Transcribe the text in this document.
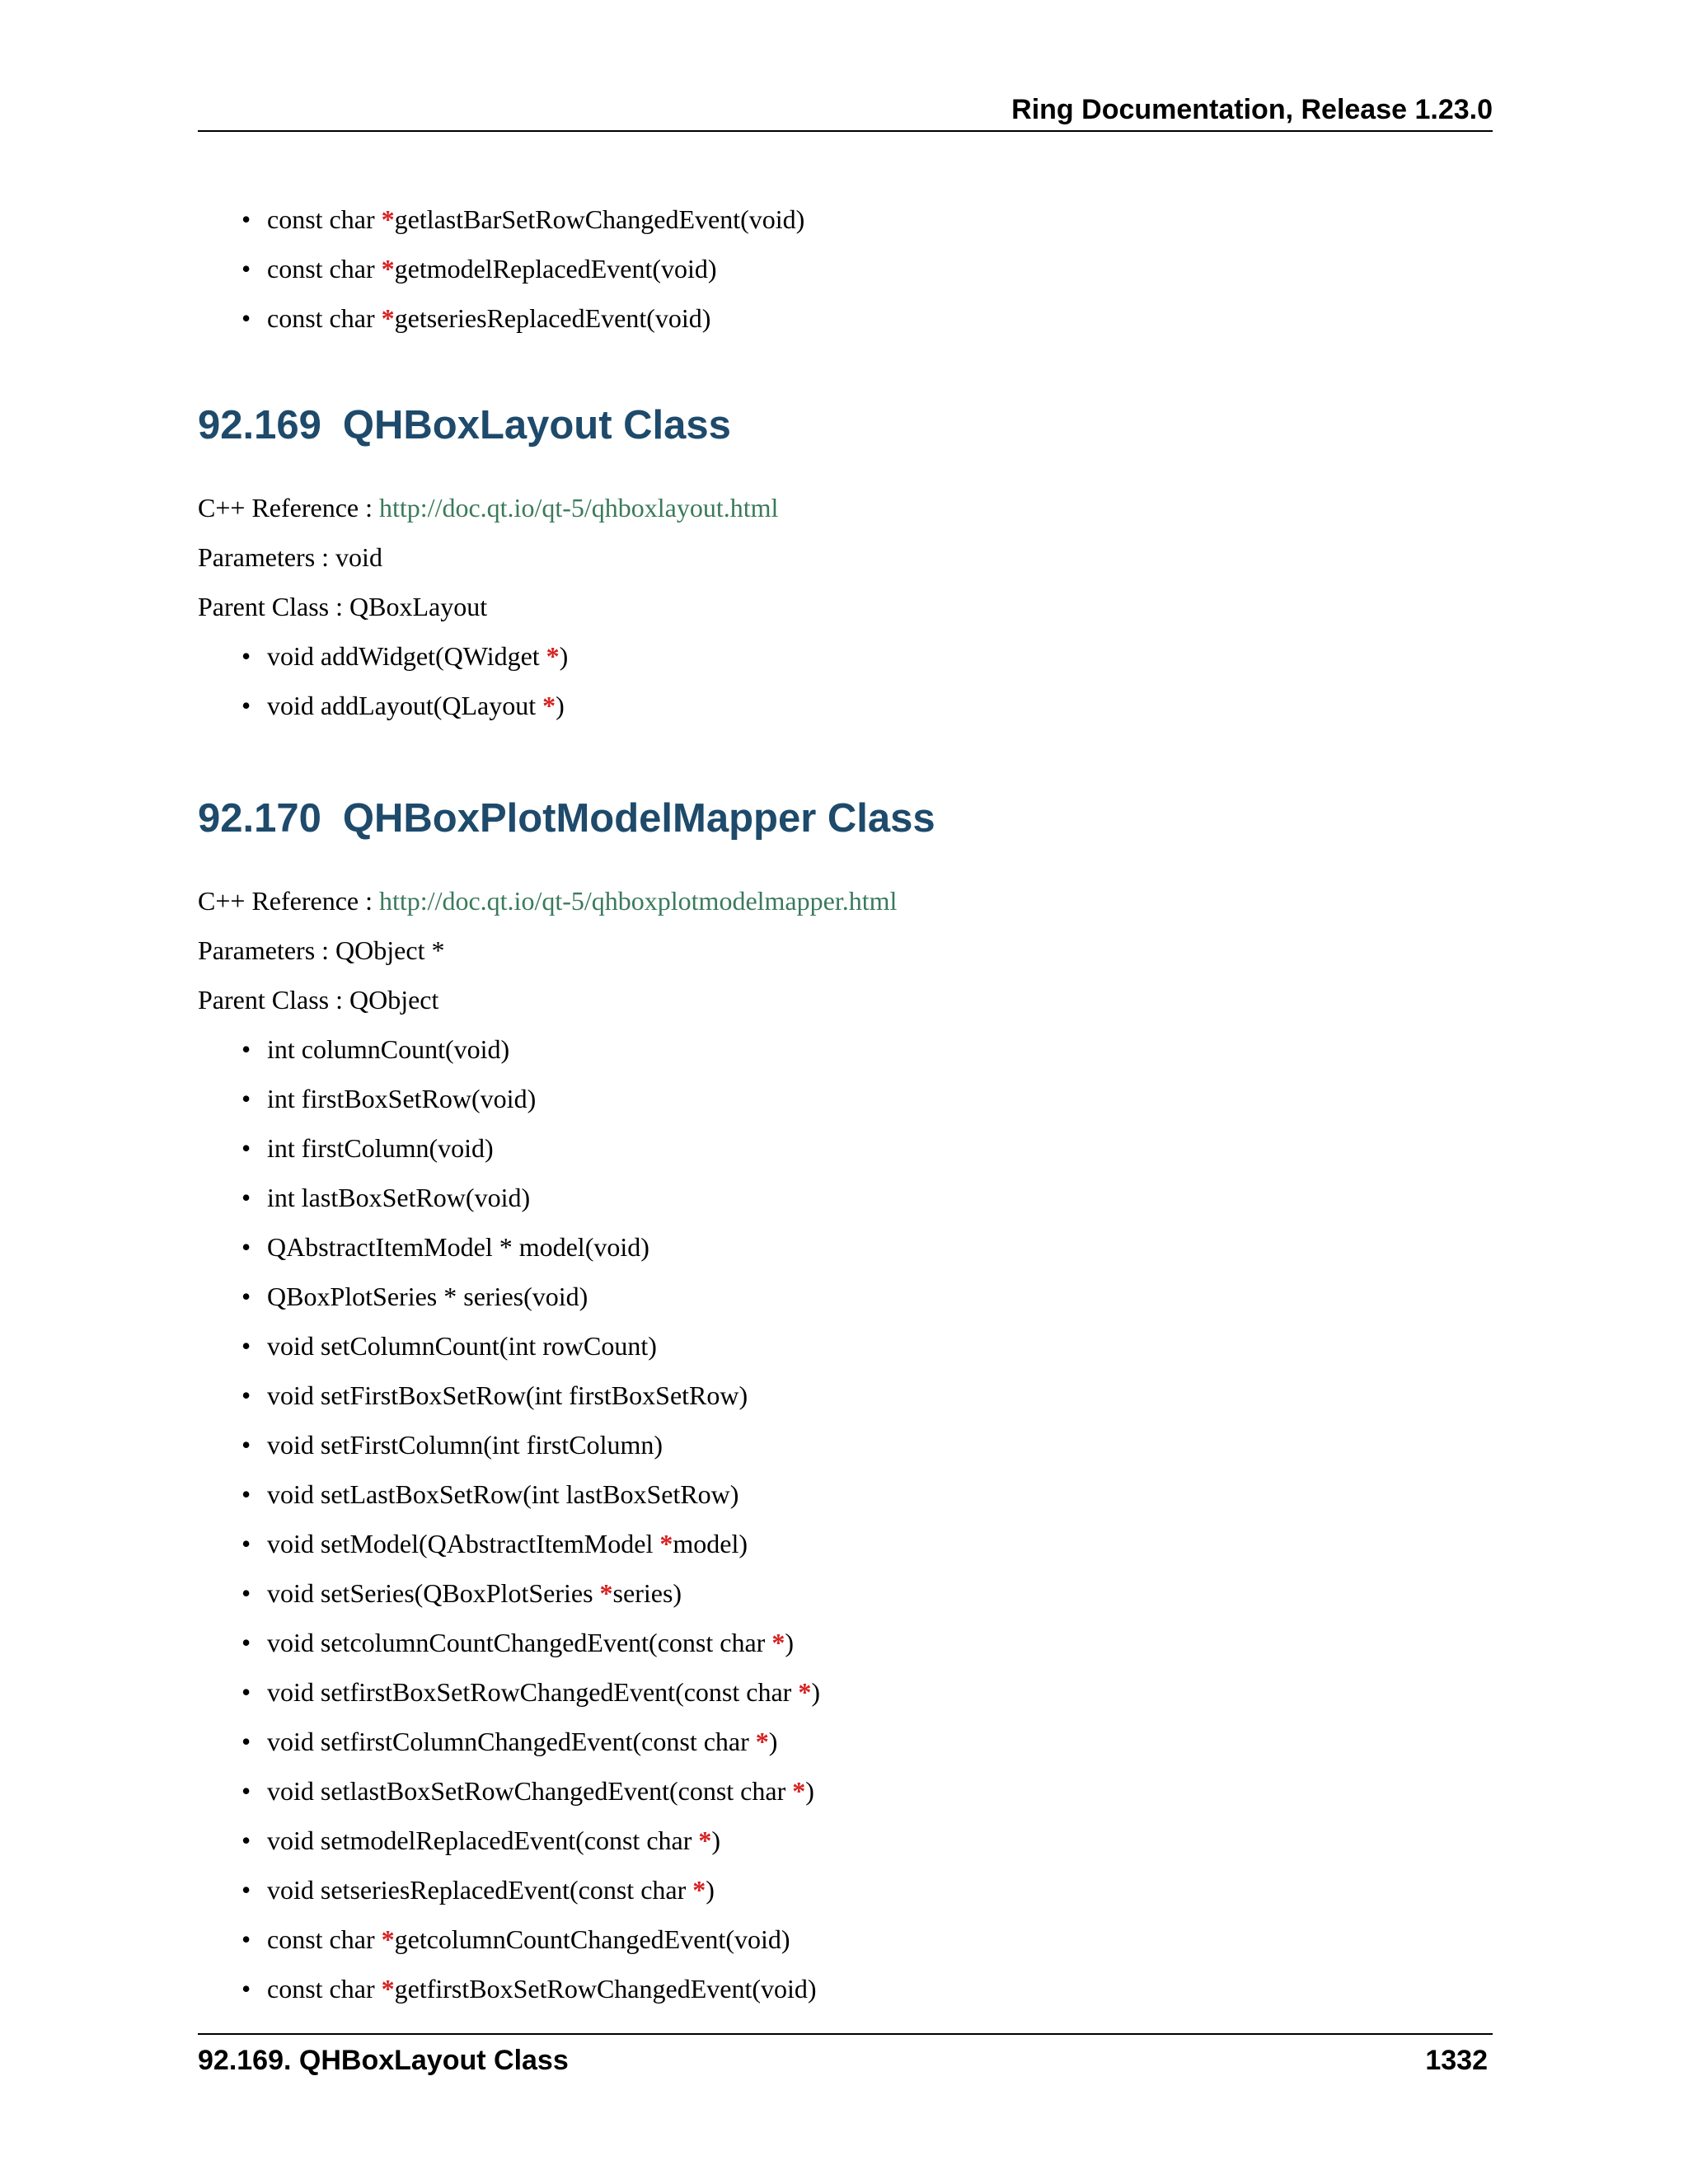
Ring Documentation, Release 1.23.0
• const char *getlastBarSetRowChangedEvent(void)
• const char *getmodelReplacedEvent(void)
• const char *getseriesReplacedEvent(void)
92.169 QHBoxLayout Class
C++ Reference : http://doc.qt.io/qt-5/qhboxlayout.html
Parameters : void
Parent Class : QBoxLayout
• void addWidget(QWidget *)
• void addLayout(QLayout *)
92.170 QHBoxPlotModelMapper Class
C++ Reference : http://doc.qt.io/qt-5/qhboxplotmodelmapper.html
Parameters : QObject *
Parent Class : QObject
• int columnCount(void)
• int firstBoxSetRow(void)
• int firstColumn(void)
• int lastBoxSetRow(void)
• QAbstractItemModel * model(void)
• QBoxPlotSeries * series(void)
• void setColumnCount(int rowCount)
• void setFirstBoxSetRow(int firstBoxSetRow)
• void setFirstColumn(int firstColumn)
• void setLastBoxSetRow(int lastBoxSetRow)
• void setModel(QAbstractItemModel *model)
• void setSeries(QBoxPlotSeries *series)
• void setcolumnCountChangedEvent(const char *)
• void setfirstBoxSetRowChangedEvent(const char *)
• void setfirstColumnChangedEvent(const char *)
• void setlastBoxSetRowChangedEvent(const char *)
• void setmodelReplacedEvent(const char *)
• void setseriesReplacedEvent(const char *)
• const char *getcolumnCountChangedEvent(void)
• const char *getfirstBoxSetRowChangedEvent(void)
92.169. QHBoxLayout Class	1332
